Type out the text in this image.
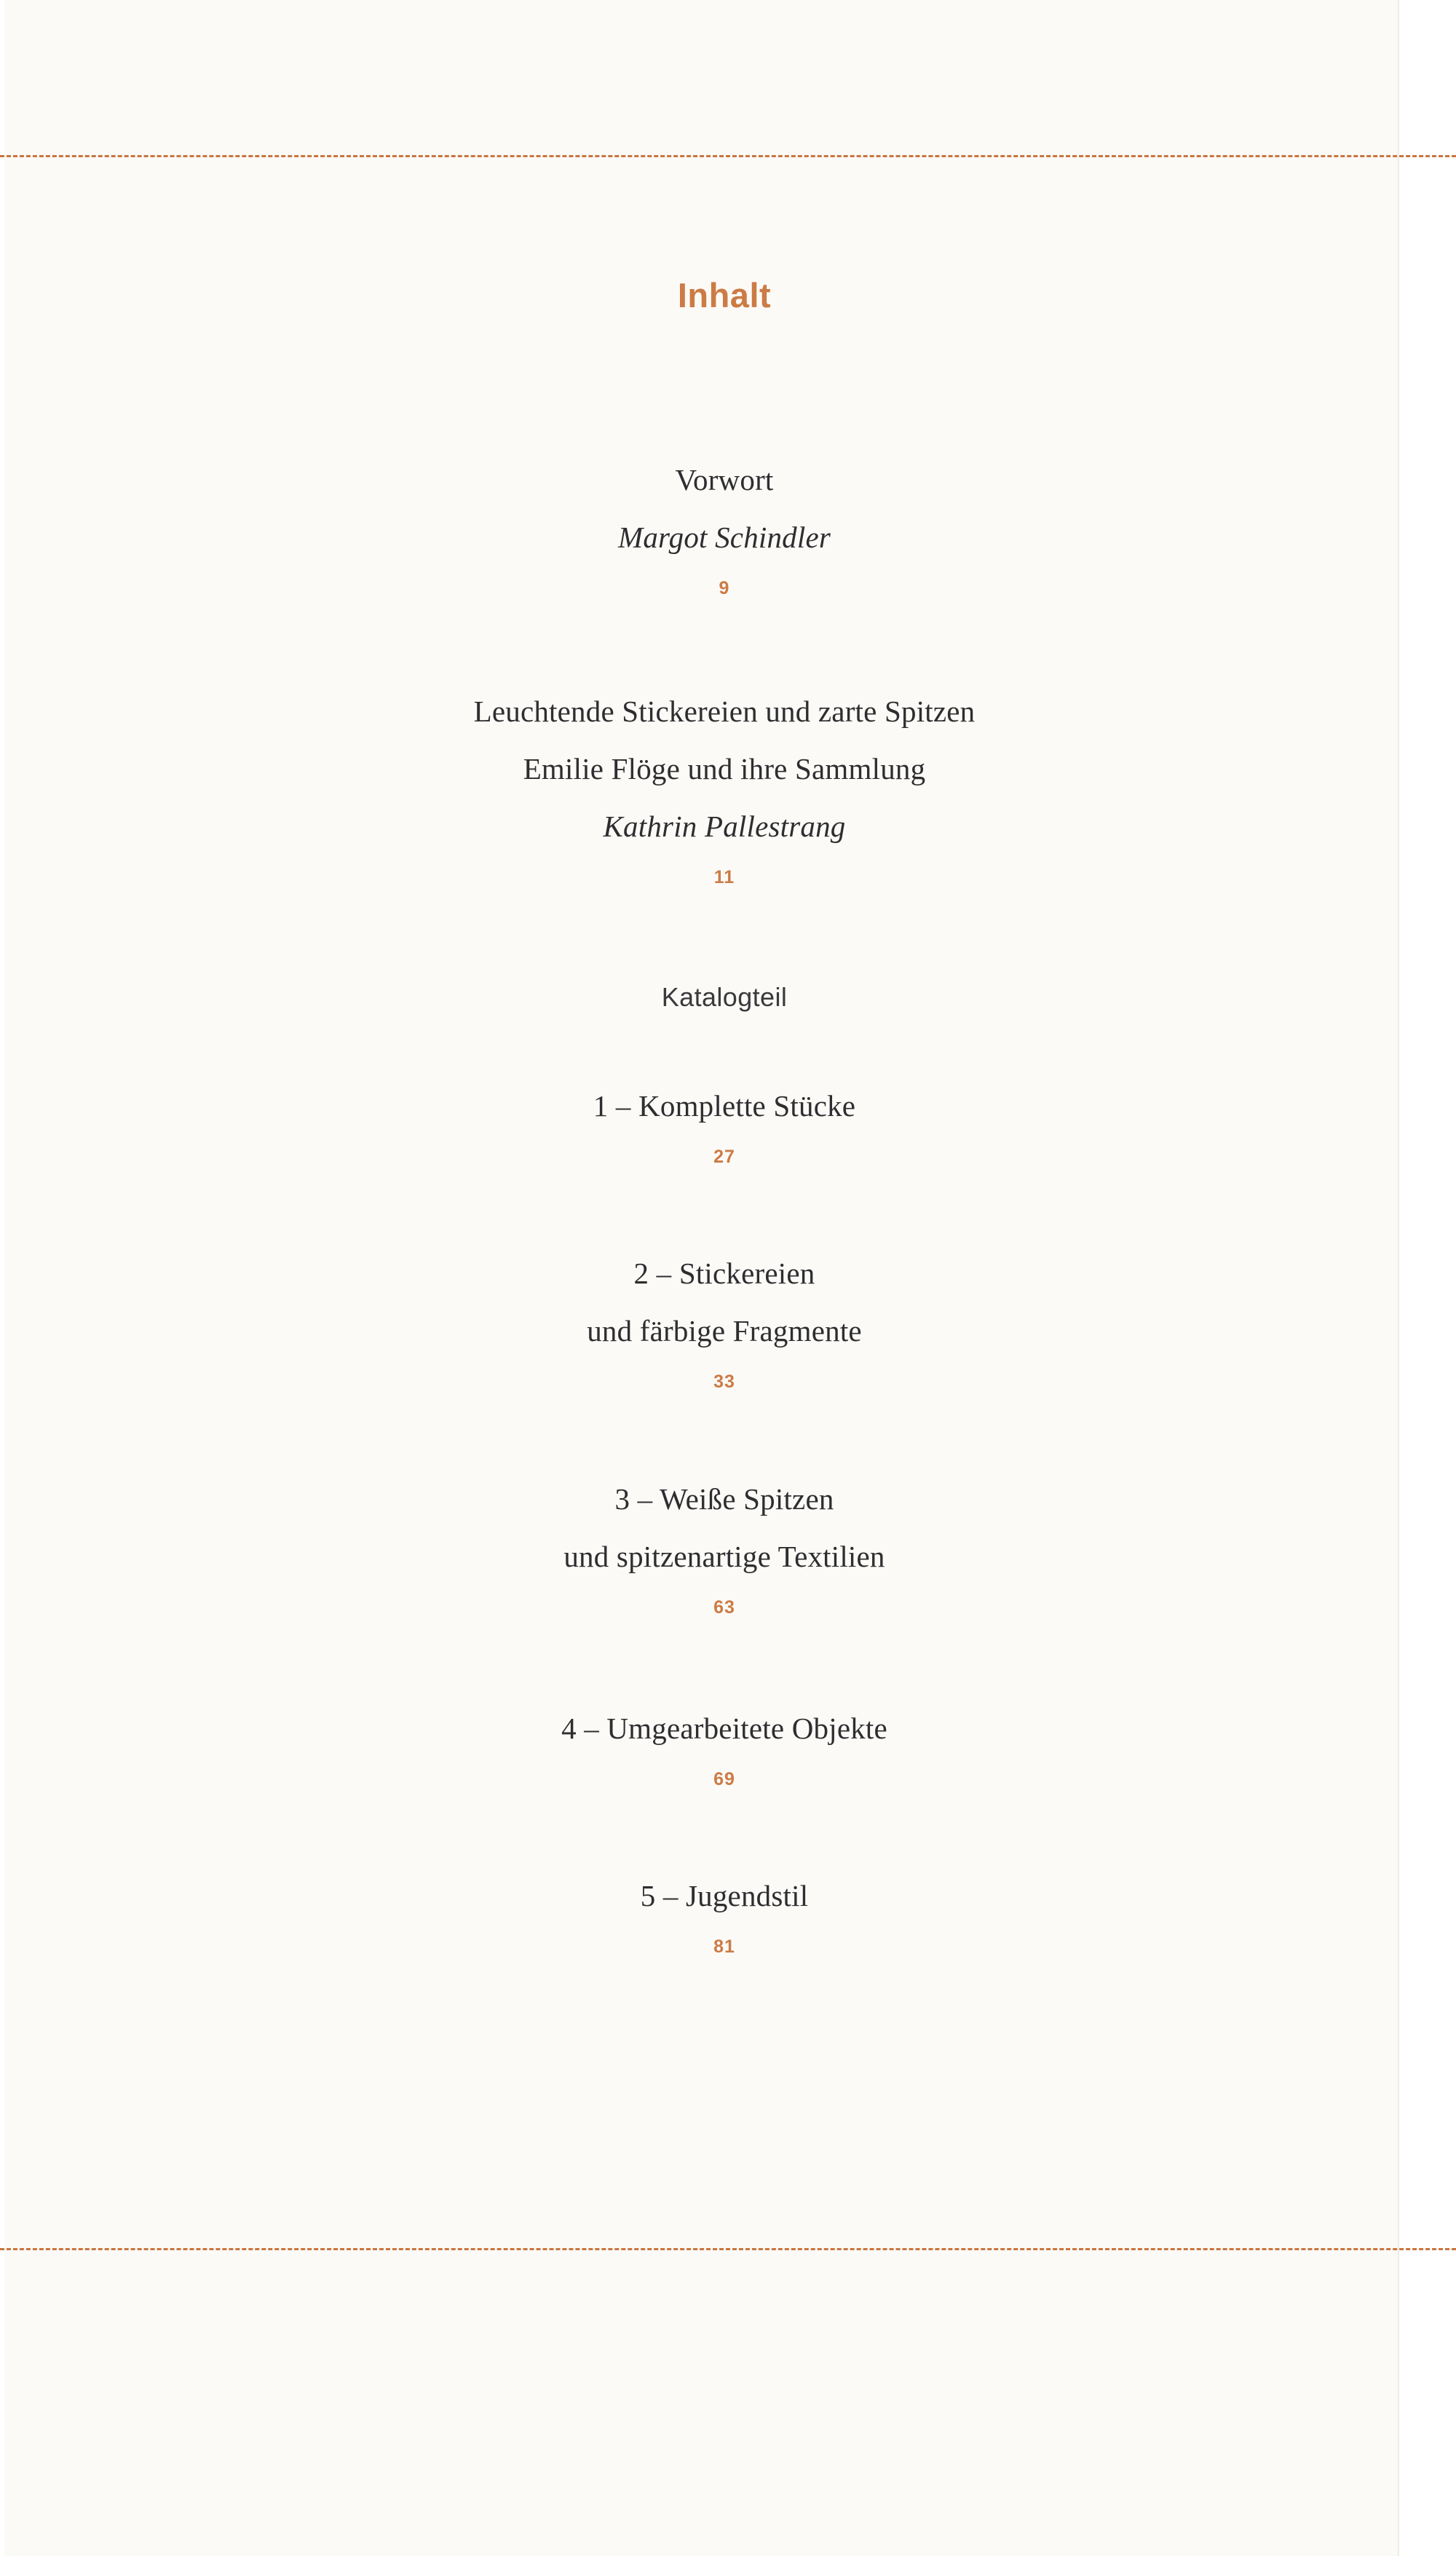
Inhalt
Vorwort
Margot Schindler
9
Leuchtende Stickereien und zarte Spitzen
Emilie Flöge und ihre Sammlung
Kathrin Pallestrang
11
Katalogteil
1 – Komplette Stücke
27
2 – Stickereien
und färbige Fragmente
33
3 – Weiße Spitzen
und spitzenartige Textilien
63
4 – Umgearbeitete Objekte
69
5 – Jugendstil
81
